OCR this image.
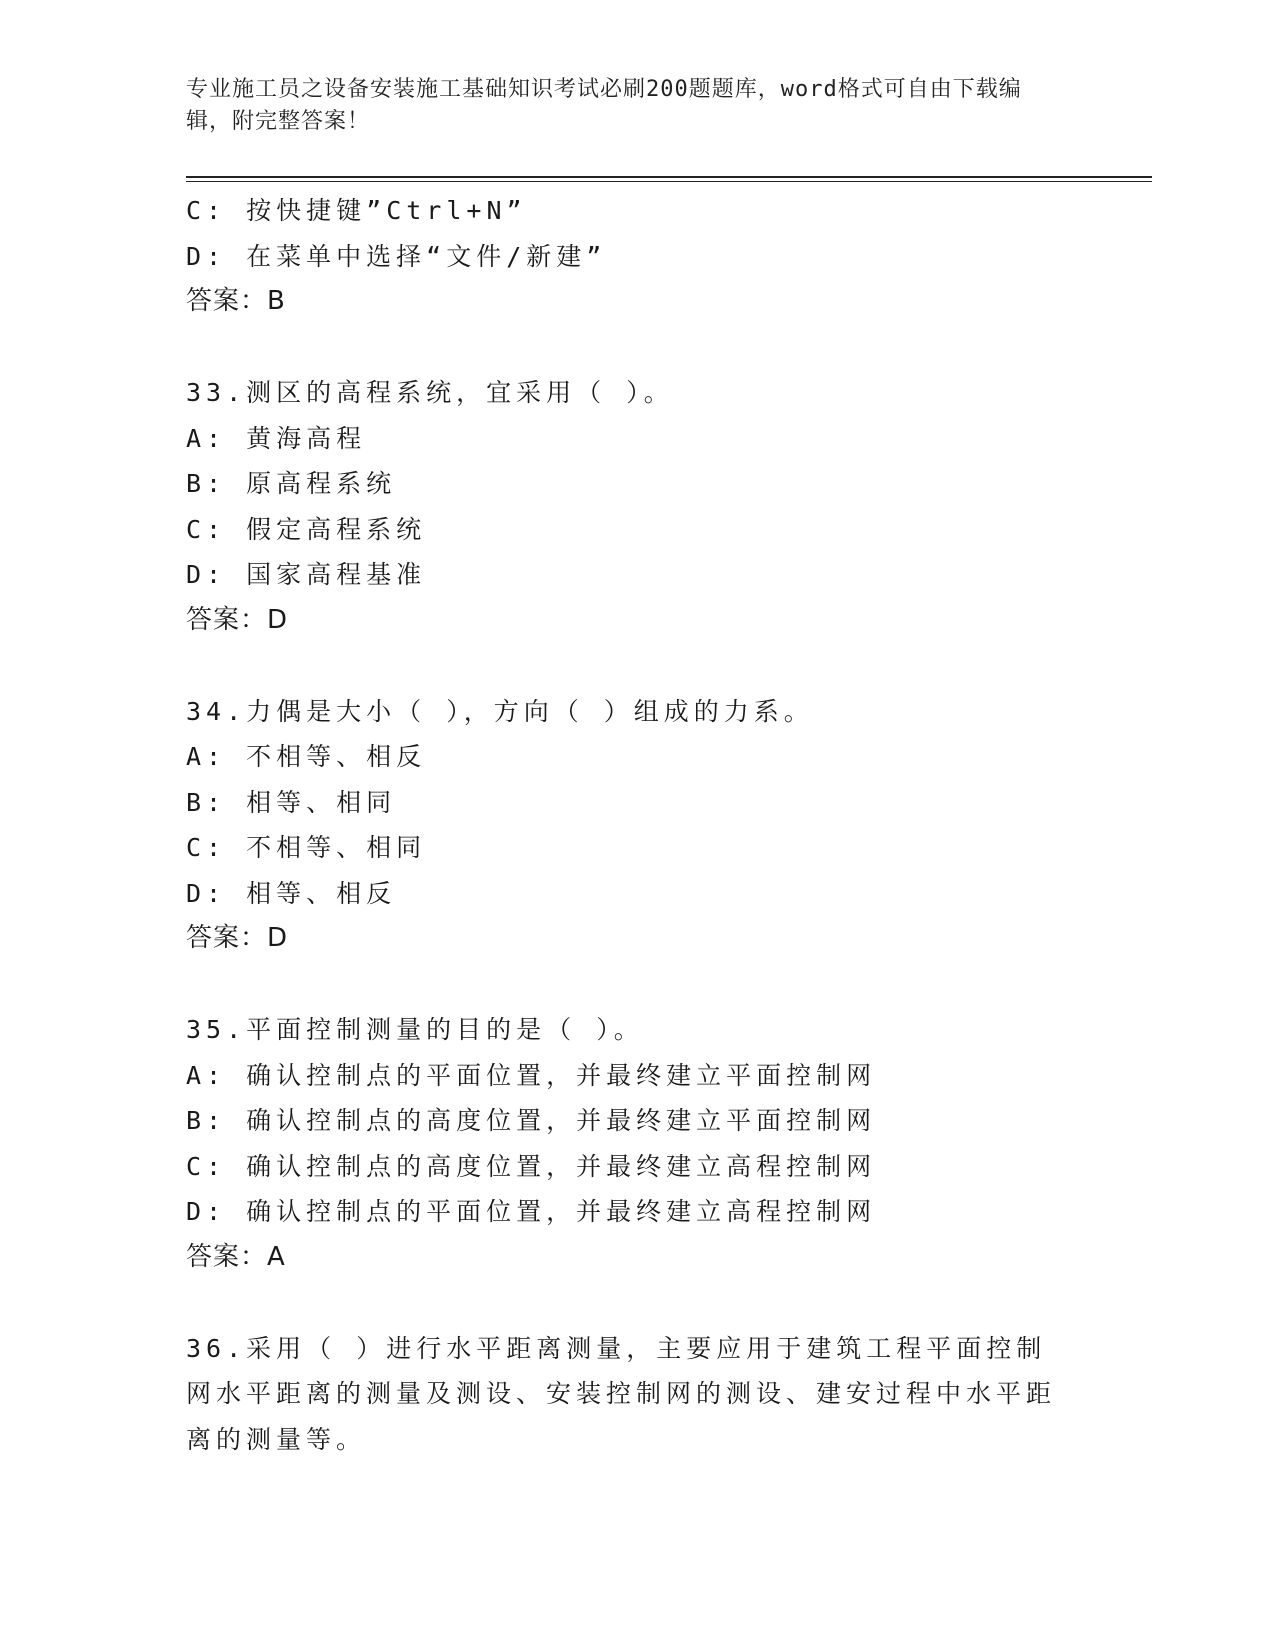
专业施工员之设备安装施工基础知识考试必刷200题题库，word格式可自由下载编辑，附完整答案！
C: 按快捷键”Ctrl+N”
D: 在菜单中选择“文件/新建”
答案：B
33.测区的高程系统，宜采用（ ）。
A: 黄海高程
B: 原高程系统
C: 假定高程系统
D: 国家高程基准
答案：D
34.力偶是大小（ ），方向（ ）组成的力系。
A: 不相等、相反
B: 相等、相同
C: 不相等、相同
D: 相等、相反
答案：D
35.平面控制测量的目的是（ ）。
A: 确认控制点的平面位置，并最终建立平面控制网
B: 确认控制点的高度位置，并最终建立平面控制网
C: 确认控制点的高度位置，并最终建立高程控制网
D: 确认控制点的平面位置，并最终建立高程控制网
答案：A
36.采用（ ）进行水平距离测量，主要应用于建筑工程平面控制网水平距离的测量及测设、安装控制网的测设、建安过程中水平距离的测量等。
